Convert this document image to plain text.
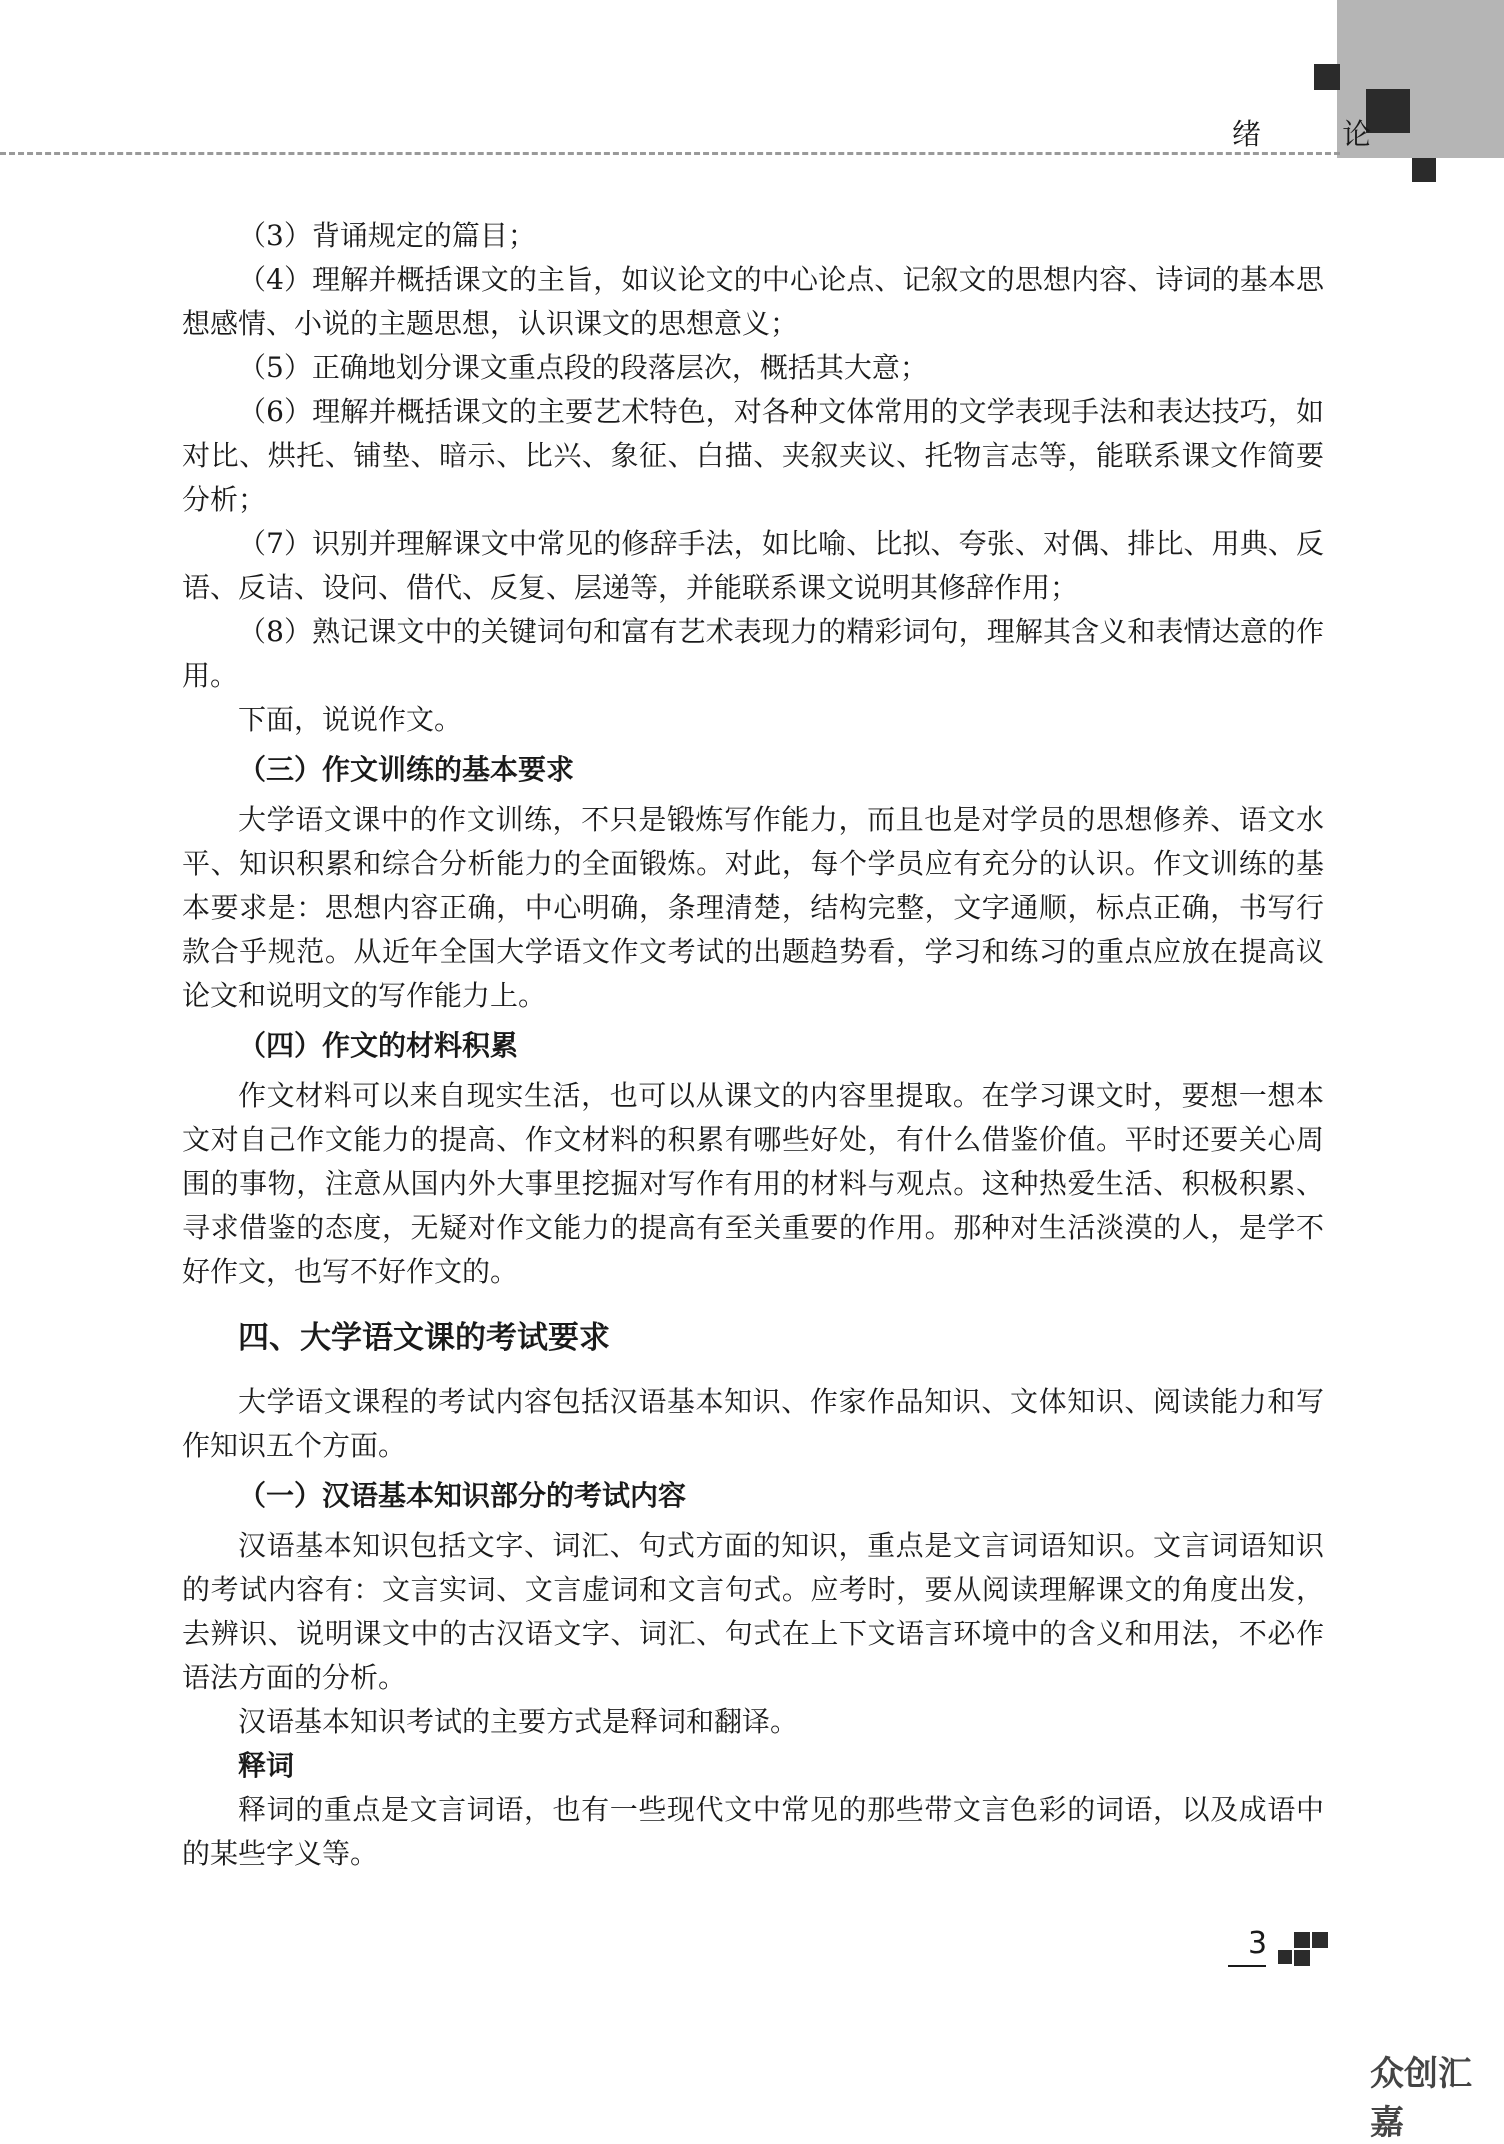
绪 论

（3）背诵规定的篇目；

（4）理解并概括课文的主旨，如议论文的中心论点、记叙文的思想内容、诗词的基本思想感情、小说的主题思想，认识课文的思想意义；

（5）正确地划分课文重点段的段落层次，概括其大意；

（6）理解并概括课文的主要艺术特色，对各种文体常用的文学表现手法和表达技巧，如对比、烘托、铺垫、暗示、比兴、象征、白描、夹叙夹议、托物言志等，能联系课文作简要分析；

（7）识别并理解课文中常见的修辞手法，如比喻、比拟、夸张、对偶、排比、用典、反语、反诘、设问、借代、反复、层递等，并能联系课文说明其修辞作用；

（8）熟记课文中的关键词句和富有艺术表现力的精彩词句，理解其含义和表情达意的作用。

下面，说说作文。

（三）作文训练的基本要求

大学语文课中的作文训练，不只是锻炼写作能力，而且也是对学员的思想修养、语文水平、知识积累和综合分析能力的全面锻炼。对此，每个学员应有充分的认识。作文训练的基本要求是：思想内容正确，中心明确，条理清楚，结构完整，文字通顺，标点正确，书写行款合乎规范。从近年全国大学语文作文考试的出题趋势看，学习和练习的重点应放在提高议论文和说明文的写作能力上。

（四）作文的材料积累

作文材料可以来自现实生活，也可以从课文的内容里提取。在学习课文时，要想一想本文对自己作文能力的提高、作文材料的积累有哪些好处，有什么借鉴价值。平时还要关心周围的事物，注意从国内外大事里挖掘对写作有用的材料与观点。这种热爱生活、积极积累、寻求借鉴的态度，无疑对作文能力的提高有至关重要的作用。那种对生活淡漠的人，是学不好作文，也写不好作文的。

四、大学语文课的考试要求

大学语文课程的考试内容包括汉语基本知识、作家作品知识、文体知识、阅读能力和写作知识五个方面。

（一）汉语基本知识部分的考试内容

汉语基本知识包括文字、词汇、句式方面的知识，重点是文言词语知识。文言词语知识的考试内容有：文言实词、文言虚词和文言句式。应考时，要从阅读理解课文的角度出发，去辨识、说明课文中的古汉语文字、词汇、句式在上下文语言环境中的含义和用法，不必作语法方面的分析。

汉语基本知识考试的主要方式是释词和翻译。

释词

释词的重点是文言词语，也有一些现代文中常见的那些带文言色彩的词语，以及成语中的某些字义等。

3
众创汇嘉
